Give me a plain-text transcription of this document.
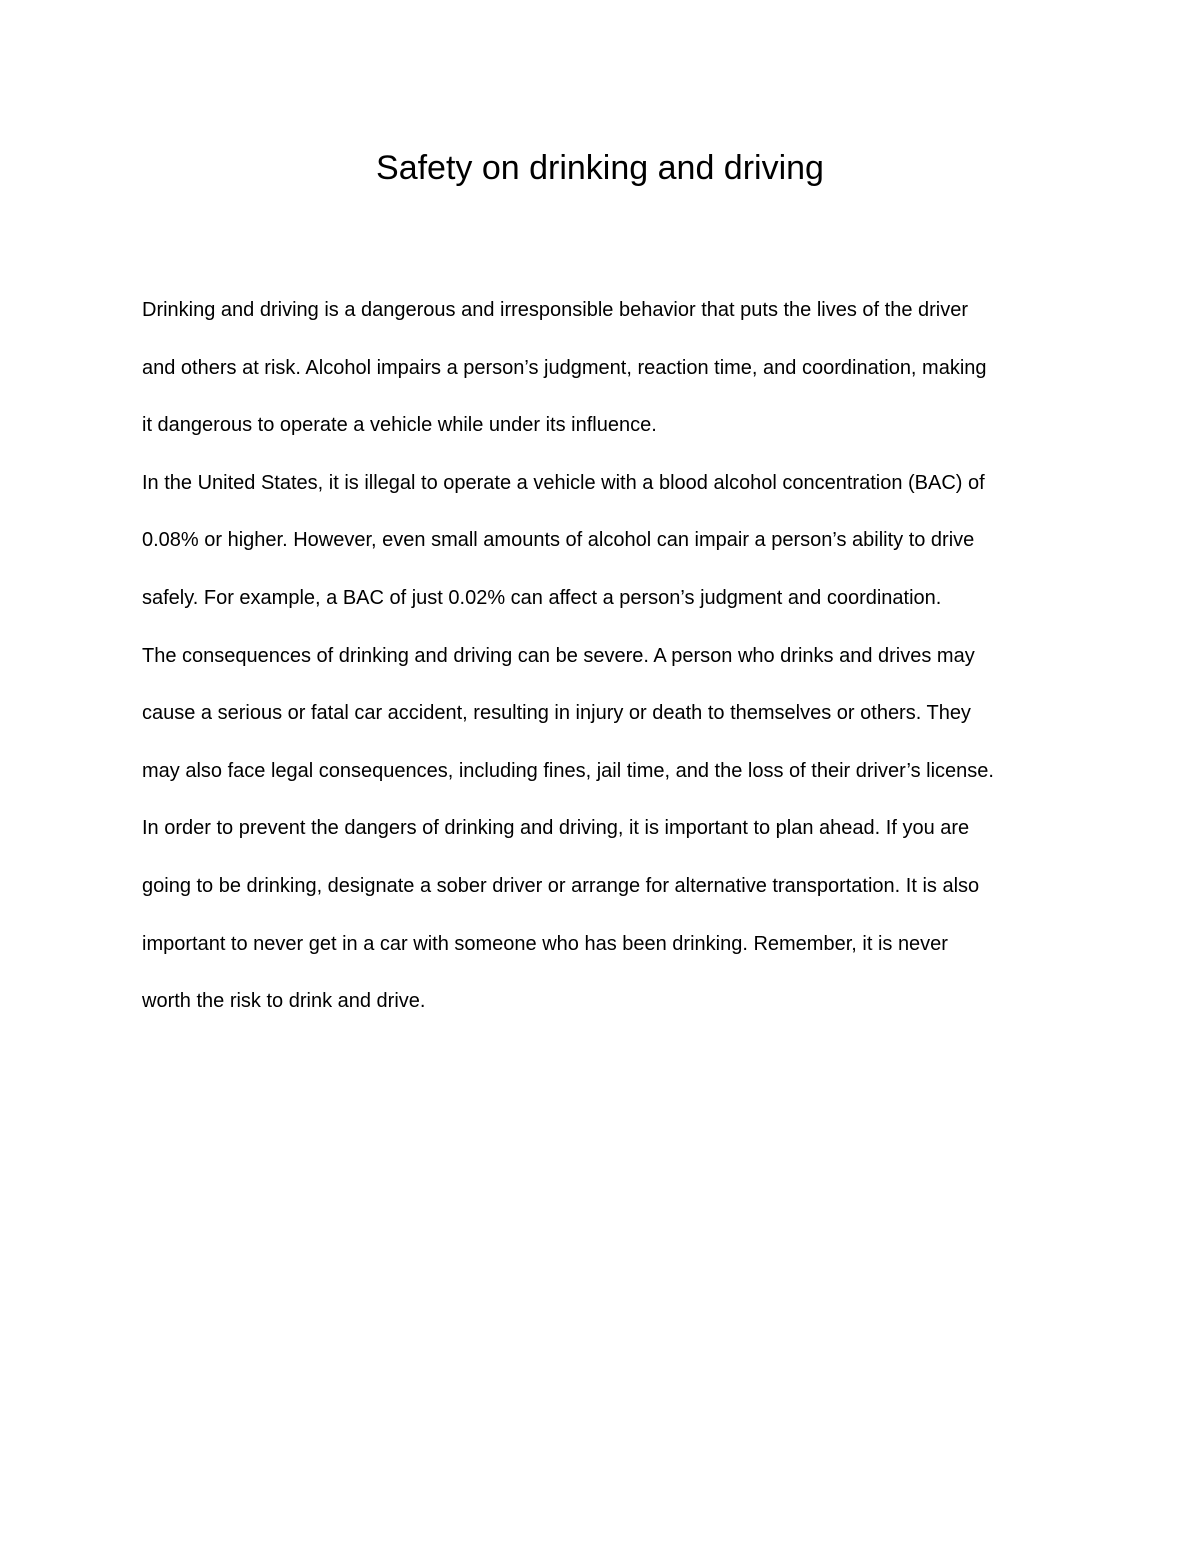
Safety on drinking and driving
Drinking and driving is a dangerous and irresponsible behavior that puts the lives of the driver
and others at risk. Alcohol impairs a person’s judgment, reaction time, and coordination, making
it dangerous to operate a vehicle while under its influence.
In the United States, it is illegal to operate a vehicle with a blood alcohol concentration (BAC) of
0.08% or higher. However, even small amounts of alcohol can impair a person’s ability to drive
safely. For example, a BAC of just 0.02% can affect a person’s judgment and coordination.
The consequences of drinking and driving can be severe. A person who drinks and drives may
cause a serious or fatal car accident, resulting in injury or death to themselves or others. They
may also face legal consequences, including fines, jail time, and the loss of their driver’s license.
In order to prevent the dangers of drinking and driving, it is important to plan ahead. If you are
going to be drinking, designate a sober driver or arrange for alternative transportation. It is also
important to never get in a car with someone who has been drinking. Remember, it is never
worth the risk to drink and drive.
